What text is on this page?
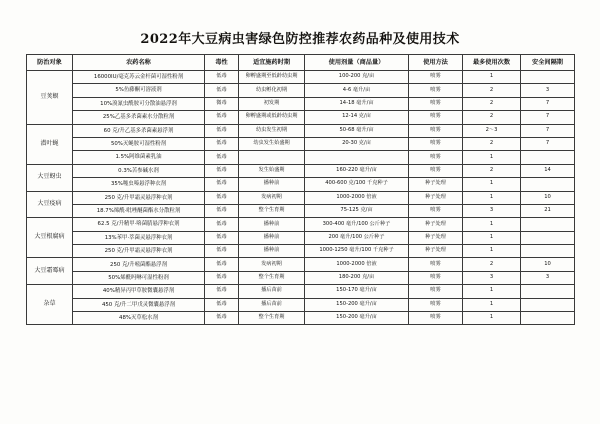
2022年大豆病虫害绿色防控推荐农药品种及使用技术
防治对象	农药名称	毒性	适宜施药时期	使用剂量（商品量）	使用方法	最多使用次数	安全间隔期
豆荚螟	16000IU/毫克苏云金杆菌可湿性粉剂	低毒	卵孵盛期至低龄幼虫期	100-200 克/亩	喷雾	1	
	5%鱼藤酮可溶液剂	低毒	幼虫孵化初期	4-6 毫升/亩	喷雾	2	3
	10%溴氰虫酰胺可分散油悬浮剂	微毒	初发期	14-18 毫升/亩	喷雾	2	7
	25%乙基多杀菌素水分散粒剂	低毒	卵孵盛期或低龄幼虫期	12-14 克/亩	喷雾	2	7
潜叶蝇	60 克/升乙基多杀菌素悬浮剂	低毒	幼虫发生初期	50-68 毫升/亩	喷雾	2～3	7
	50%灭蝇胺可湿性粉剂	低毒	幼虫发生始盛期	20-30 克/亩	喷雾	2	7
	1.5%阿维菌素乳油	低毒			喷雾	1	
大豆蚜虫	0.3%苦参碱水剂	低毒	发生始盛期	160-220 毫升/亩	喷雾	2	14
	35%噻虫嗪悬浮种衣剂	低毒	播种前	400-600 克/100 千克种子	种子处理	1	
大豆疫病	250 克/升甲霜灵悬浮种衣剂	低毒	发病初期	1000-2000 倍液	种子处理	1	10
	18.7%烯酰·吡唑醚菌酯水分散粒剂	低毒	整个生育期	75-125 克/亩	喷雾	3	21
大豆根腐病	62.5 克/升精甲·咯菌腈悬浮种衣剂	低毒	播种前	300-400 毫升/100 公斤种子	种子处理	1	
	13%苯甲·萃菌灵悬浮种衣剂	低毒	播种前	200 毫升/100 公斤种子	种子处理	1	
	250 克/升甲霜灵悬浮种衣剂	低毒	播种前	1000-1250 毫升/100 千克种子	种子处理	1	
大豆霜霉病	250 克/升嘧菌酯悬浮剂	低毒	发病初期	1000-2000 倍液	喷雾	2	10
	50%烯酰吗啉可湿性粉剂	低毒	整个生育期	180-200 克/亩	喷雾	3	3
杂草	40%精异丙甲草胺微囊悬浮剂	低毒	播后苗前	150-170 毫升/亩	喷雾	1	
	450 克/升二甲戊灵微囊悬浮剂	低毒	播后苗前	150-200 毫升/亩	喷雾	1	
	48%灭草松水剂	低毒	整个生育期	150-200 毫升/亩	喷雾	1	
